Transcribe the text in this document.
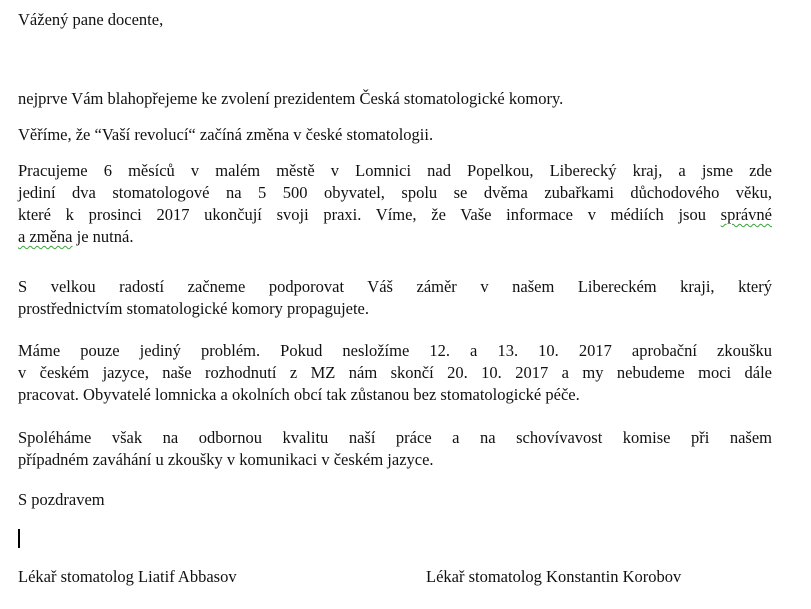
Vážený pane docente,
nejprve Vám blahopřejeme ke zvolení prezidentem Česká stomatologické komory.
Věříme, že “Vaší revolucí“ začíná změna v české stomatologii.
Pracujeme 6 měsíců v malém městě v Lomnici nad Popelkou, Liberecký kraj, a jsme zde
jediní dva stomatologové na 5 500 obyvatel, spolu se dvěma zubařkami důchodového věku,
které k prosinci 2017 ukončují svoji praxi. Víme, že Vaše informace v médiích jsou správné
a změna je nutná.
S velkou radostí začneme podporovat Váš záměr v našem Libereckém kraji, který
prostřednictvím stomatologické komory propagujete.
Máme pouze jediný problém. Pokud nesložíme 12. a 13. 10. 2017 aprobační zkoušku
v českém jazyce, naše rozhodnutí z MZ nám skončí 20. 10. 2017 a my nebudeme moci dále
pracovat. Obyvatelé lomnicka a okolních obcí tak zůstanou bez stomatologické péče.
Spoléháme však na odbornou kvalitu naší práce a na schovívavost komise při našem
případném zaváhání u zkoušky v komunikaci v českém jazyce.
S pozdravem
Lékař stomatolog Liatif Abbasov	Lékař stomatolog Konstantin Korobov
